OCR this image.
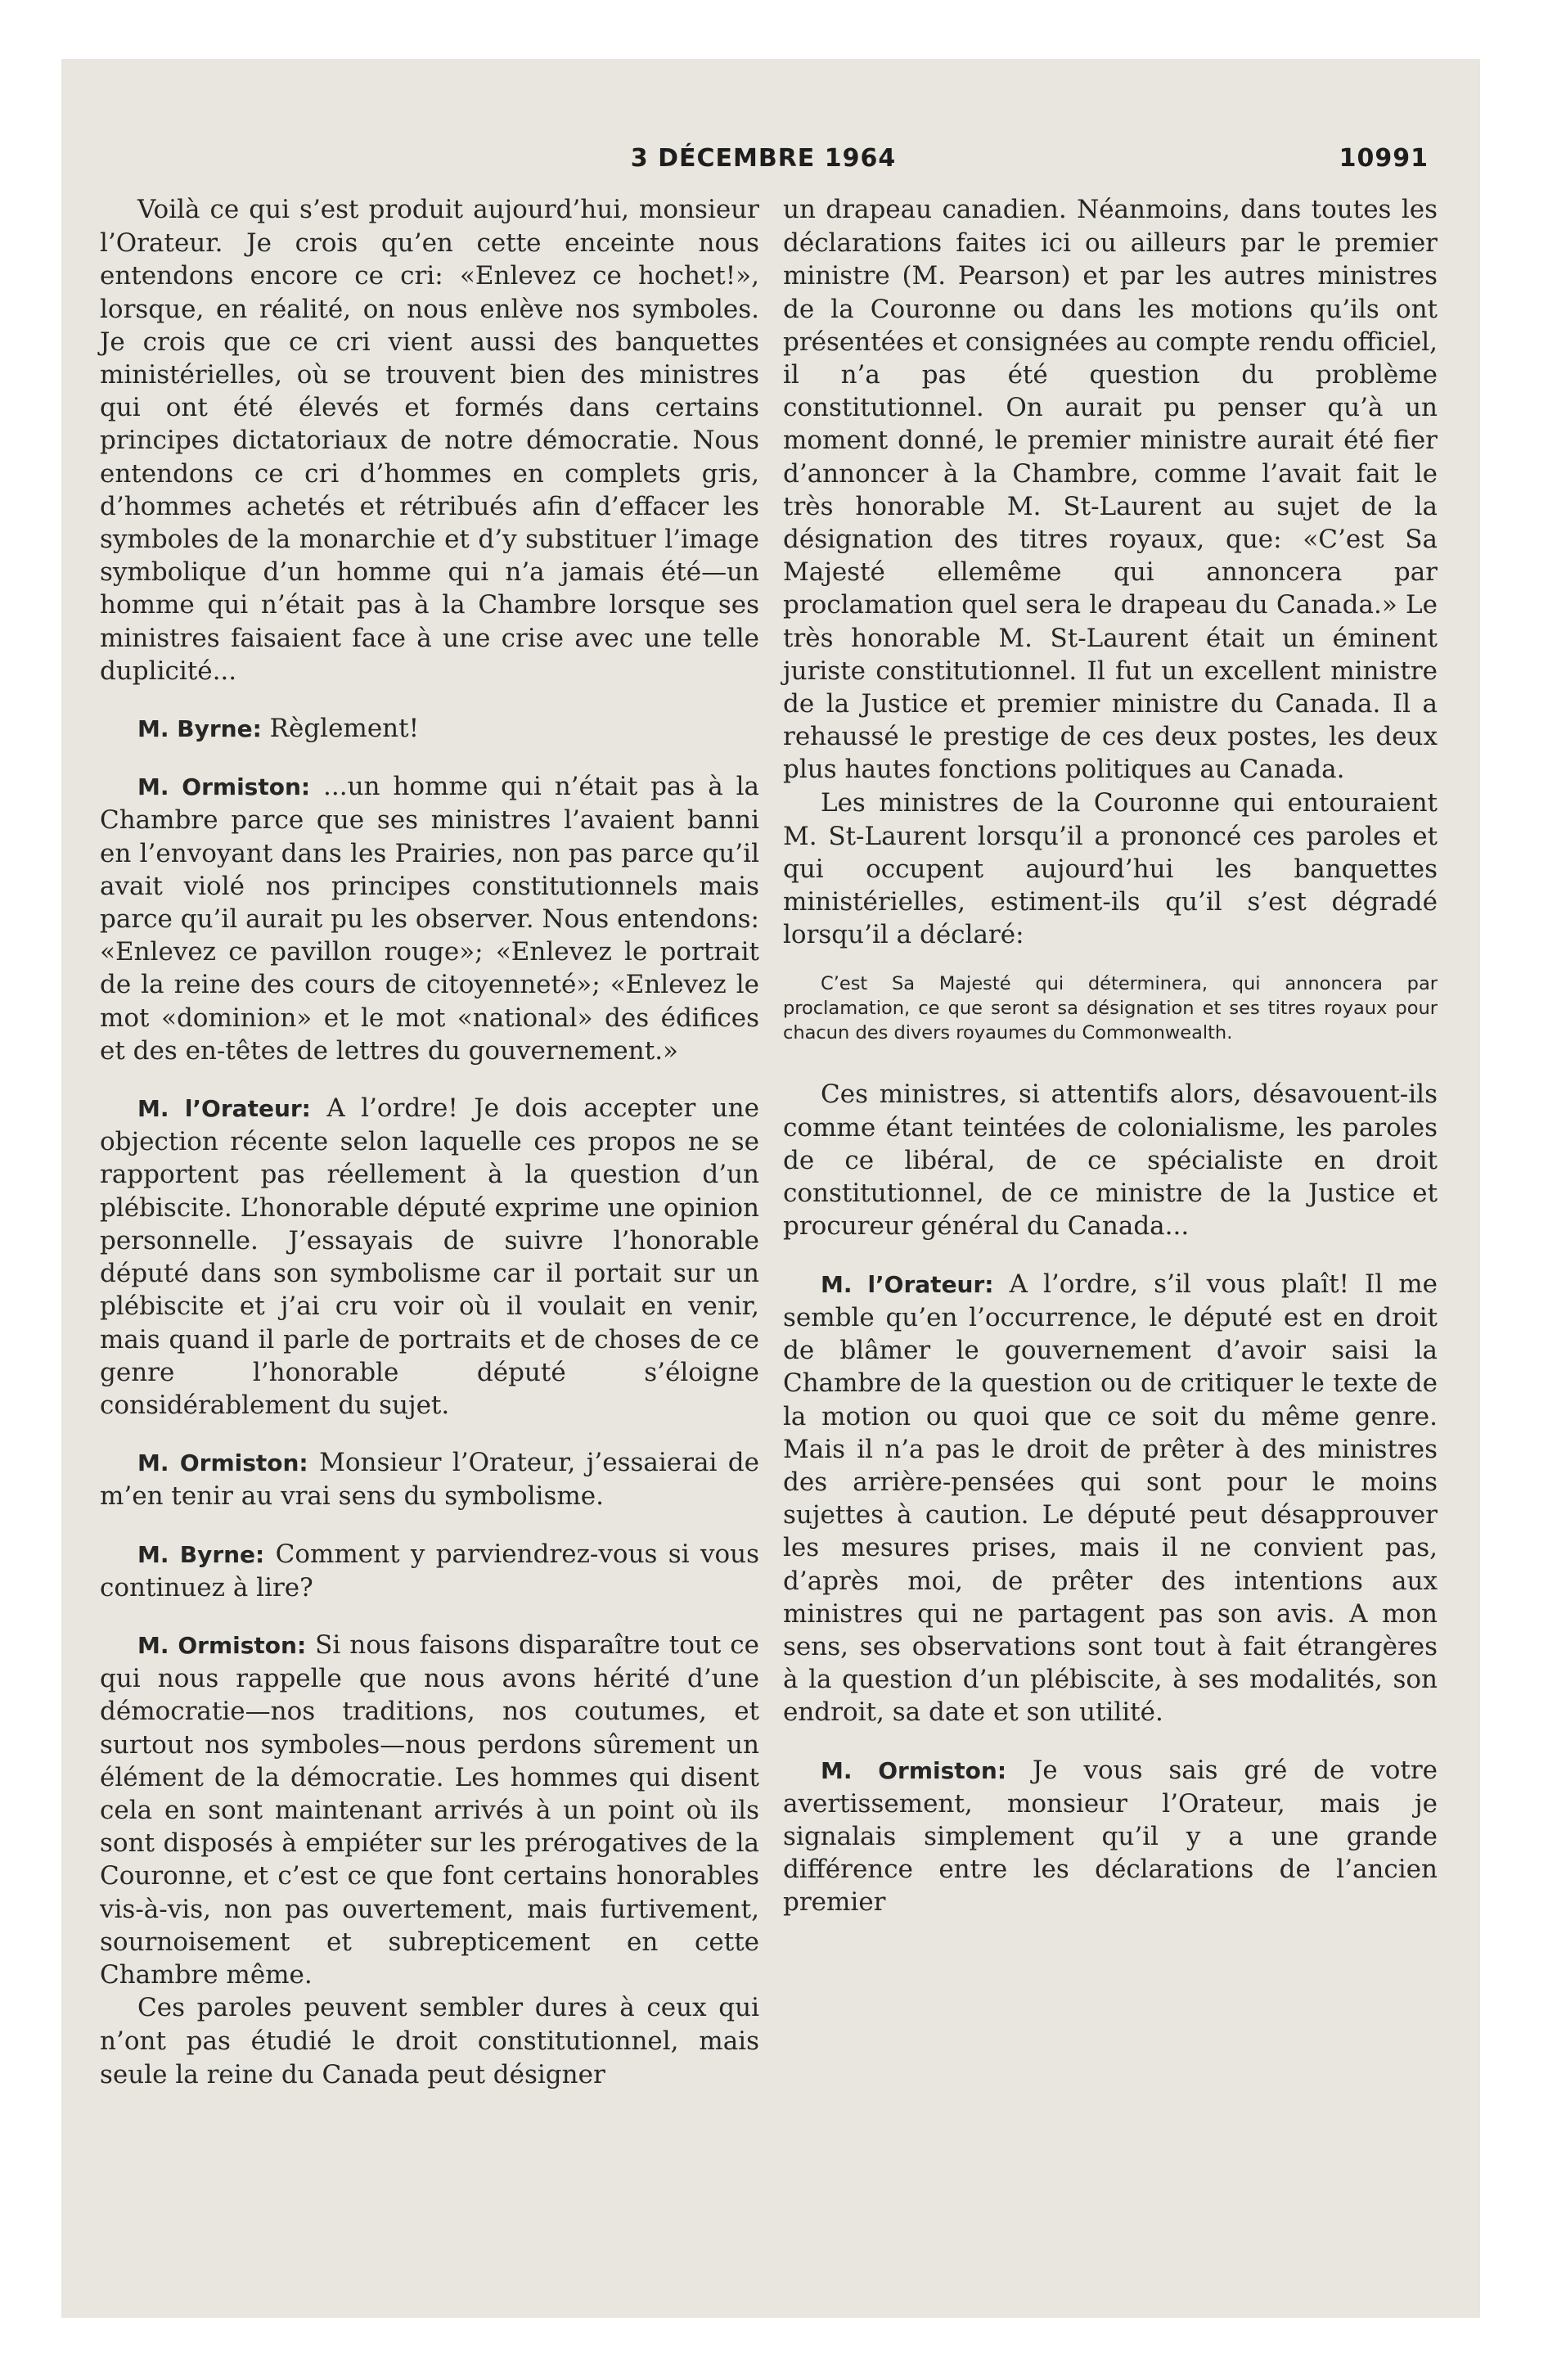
3 DÉCEMBRE 1964	10991

Voilà ce qui s’est produit aujourd’hui, monsieur l’Orateur. Je crois qu’en cette enceinte nous entendons encore ce cri: «Enlevez ce hochet!», lorsque, en réalité, on nous enlève nos symboles. Je crois que ce cri vient aussi des banquettes ministérielles, où se trouvent bien des ministres qui ont été élevés et formés dans certains principes dictatoriaux de notre démocratie. Nous entendons ce cri d’hommes en complets gris, d’hommes achetés et rétribués afin d’effacer les symboles de la monarchie et d’y substituer l’image symbolique d’un homme qui n’a jamais été—un homme qui n’était pas à la Chambre lorsque ses ministres faisaient face à une crise avec une telle duplicité...

M. Byrne: Règlement!

M. Ormiston: ...un homme qui n’était pas à la Chambre parce que ses ministres l’avaient banni en l’envoyant dans les Prairies, non pas parce qu’il avait violé nos principes constitutionnels mais parce qu’il aurait pu les observer. Nous entendons: «Enlevez ce pavillon rouge»; «Enlevez le portrait de la reine des cours de citoyenneté»; «Enlevez le mot «dominion» et le mot «national» des édifices et des en-têtes de lettres du gouvernement.»

M. l’Orateur: A l’ordre! Je dois accepter une objection récente selon laquelle ces propos ne se rapportent pas réellement à la question d’un plébiscite. L’honorable député exprime une opinion personnelle. J’essayais de suivre l’honorable député dans son symbolisme car il portait sur un plébiscite et j’ai cru voir où il voulait en venir, mais quand il parle de portraits et de choses de ce genre l’honorable député s’éloigne considérablement du sujet.

M. Ormiston: Monsieur l’Orateur, j’essaierai de m’en tenir au vrai sens du symbolisme.

M. Byrne: Comment y parviendrez-vous si vous continuez à lire?

M. Ormiston: Si nous faisons disparaître tout ce qui nous rappelle que nous avons hérité d’une démocratie—nos traditions, nos coutumes, et surtout nos symboles—nous perdons sûrement un élément de la démocratie. Les hommes qui disent cela en sont maintenant arrivés à un point où ils sont disposés à empiéter sur les prérogatives de la Couronne, et c’est ce que font certains honorables vis-à-vis, non pas ouvertement, mais furtivement, sournoisement et subrepticement en cette Chambre même.

Ces paroles peuvent sembler dures à ceux qui n’ont pas étudié le droit constitutionnel, mais seule la reine du Canada peut désigner

un drapeau canadien. Néanmoins, dans toutes les déclarations faites ici ou ailleurs par le premier ministre (M. Pearson) et par les autres ministres de la Couronne ou dans les motions qu’ils ont présentées et consignées au compte rendu officiel, il n’a pas été question du problème constitutionnel. On aurait pu penser qu’à un moment donné, le premier ministre aurait été fier d’annoncer à la Chambre, comme l’avait fait le très honorable M. St-Laurent au sujet de la désignation des titres royaux, que: «C’est Sa Majesté ellemême qui annoncera par proclamation quel sera le drapeau du Canada.» Le très honorable M. St-Laurent était un éminent juriste constitutionnel. Il fut un excellent ministre de la Justice et premier ministre du Canada. Il a rehaussé le prestige de ces deux postes, les deux plus hautes fonctions politiques au Canada.

Les ministres de la Couronne qui entouraient M. St-Laurent lorsqu’il a prononcé ces paroles et qui occupent aujourd’hui les banquettes ministérielles, estiment-ils qu’il s’est dégradé lorsqu’il a déclaré:

C’est Sa Majesté qui déterminera, qui annoncera par proclamation, ce que seront sa désignation et ses titres royaux pour chacun des divers royaumes du Commonwealth.

Ces ministres, si attentifs alors, désavouent-ils comme étant teintées de colonialisme, les paroles de ce libéral, de ce spécialiste en droit constitutionnel, de ce ministre de la Justice et procureur général du Canada...

M. l’Orateur: A l’ordre, s’il vous plaît! Il me semble qu’en l’occurrence, le député est en droit de blâmer le gouvernement d’avoir saisi la Chambre de la question ou de critiquer le texte de la motion ou quoi que ce soit du même genre. Mais il n’a pas le droit de prêter à des ministres des arrière-pensées qui sont pour le moins sujettes à caution. Le député peut désapprouver les mesures prises, mais il ne convient pas, d’après moi, de prêter des intentions aux ministres qui ne partagent pas son avis. A mon sens, ses observations sont tout à fait étrangères à la question d’un plébiscite, à ses modalités, son endroit, sa date et son utilité.

M. Ormiston: Je vous sais gré de votre avertissement, monsieur l’Orateur, mais je signalais simplement qu’il y a une grande différence entre les déclarations de l’ancien premier
